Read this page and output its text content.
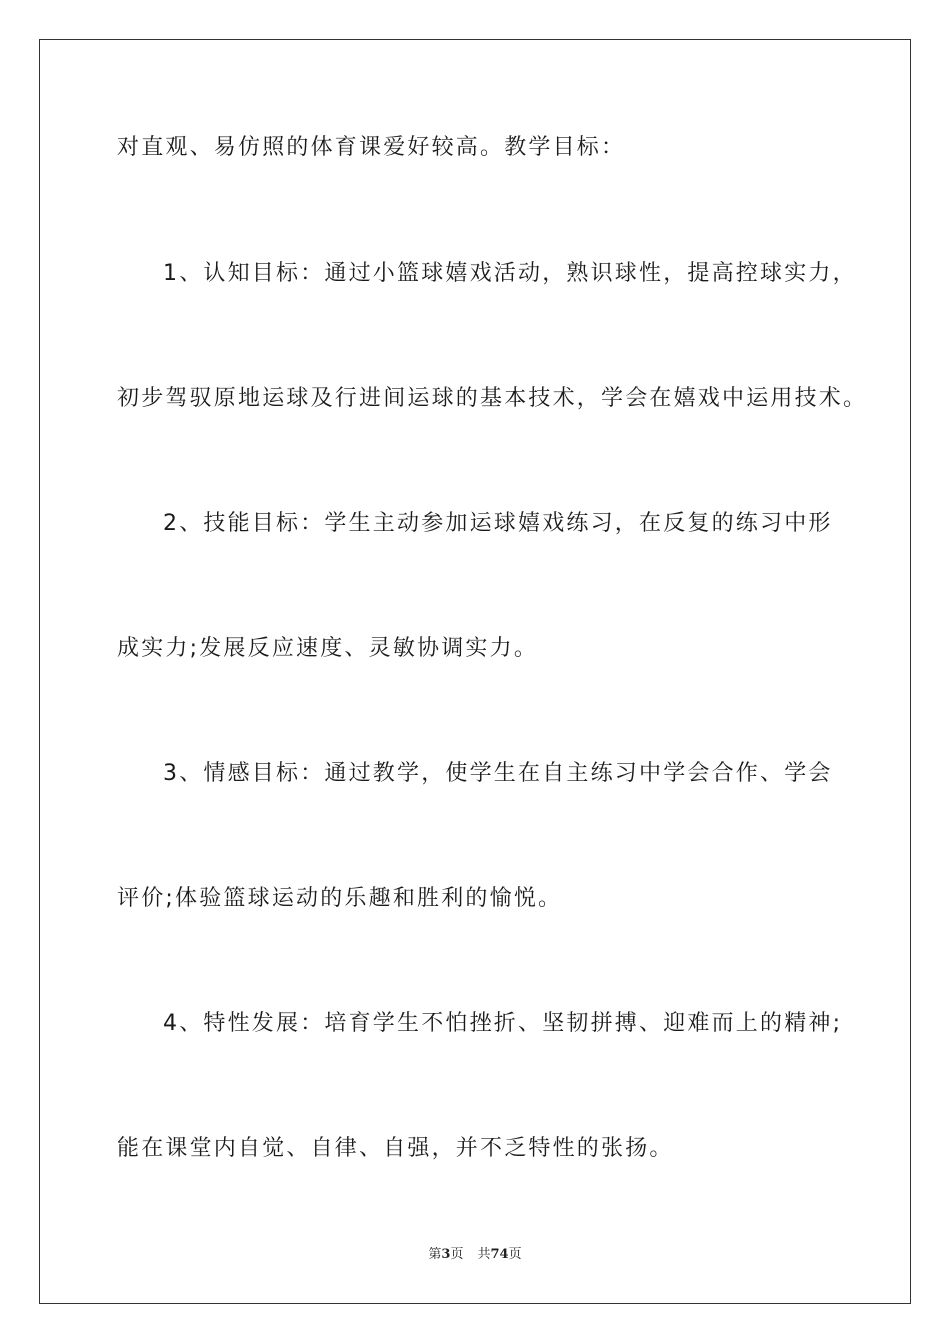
对直观、易仿照的体育课爱好较高。教学目标：
1、认知目标：通过小篮球嬉戏活动，熟识球性，提高控球实力，
初步驾驭原地运球及行进间运球的基本技术，学会在嬉戏中运用技术。
2、技能目标：学生主动参加运球嬉戏练习，在反复的练习中形
成实力;发展反应速度、灵敏协调实力。
3、情感目标：通过教学，使学生在自主练习中学会合作、学会
评价;体验篮球运动的乐趣和胜利的愉悦。
4、特性发展：培育学生不怕挫折、坚韧拼搏、迎难而上的精神;
能在课堂内自觉、自律、自强，并不乏特性的张扬。
第3页 共74页
